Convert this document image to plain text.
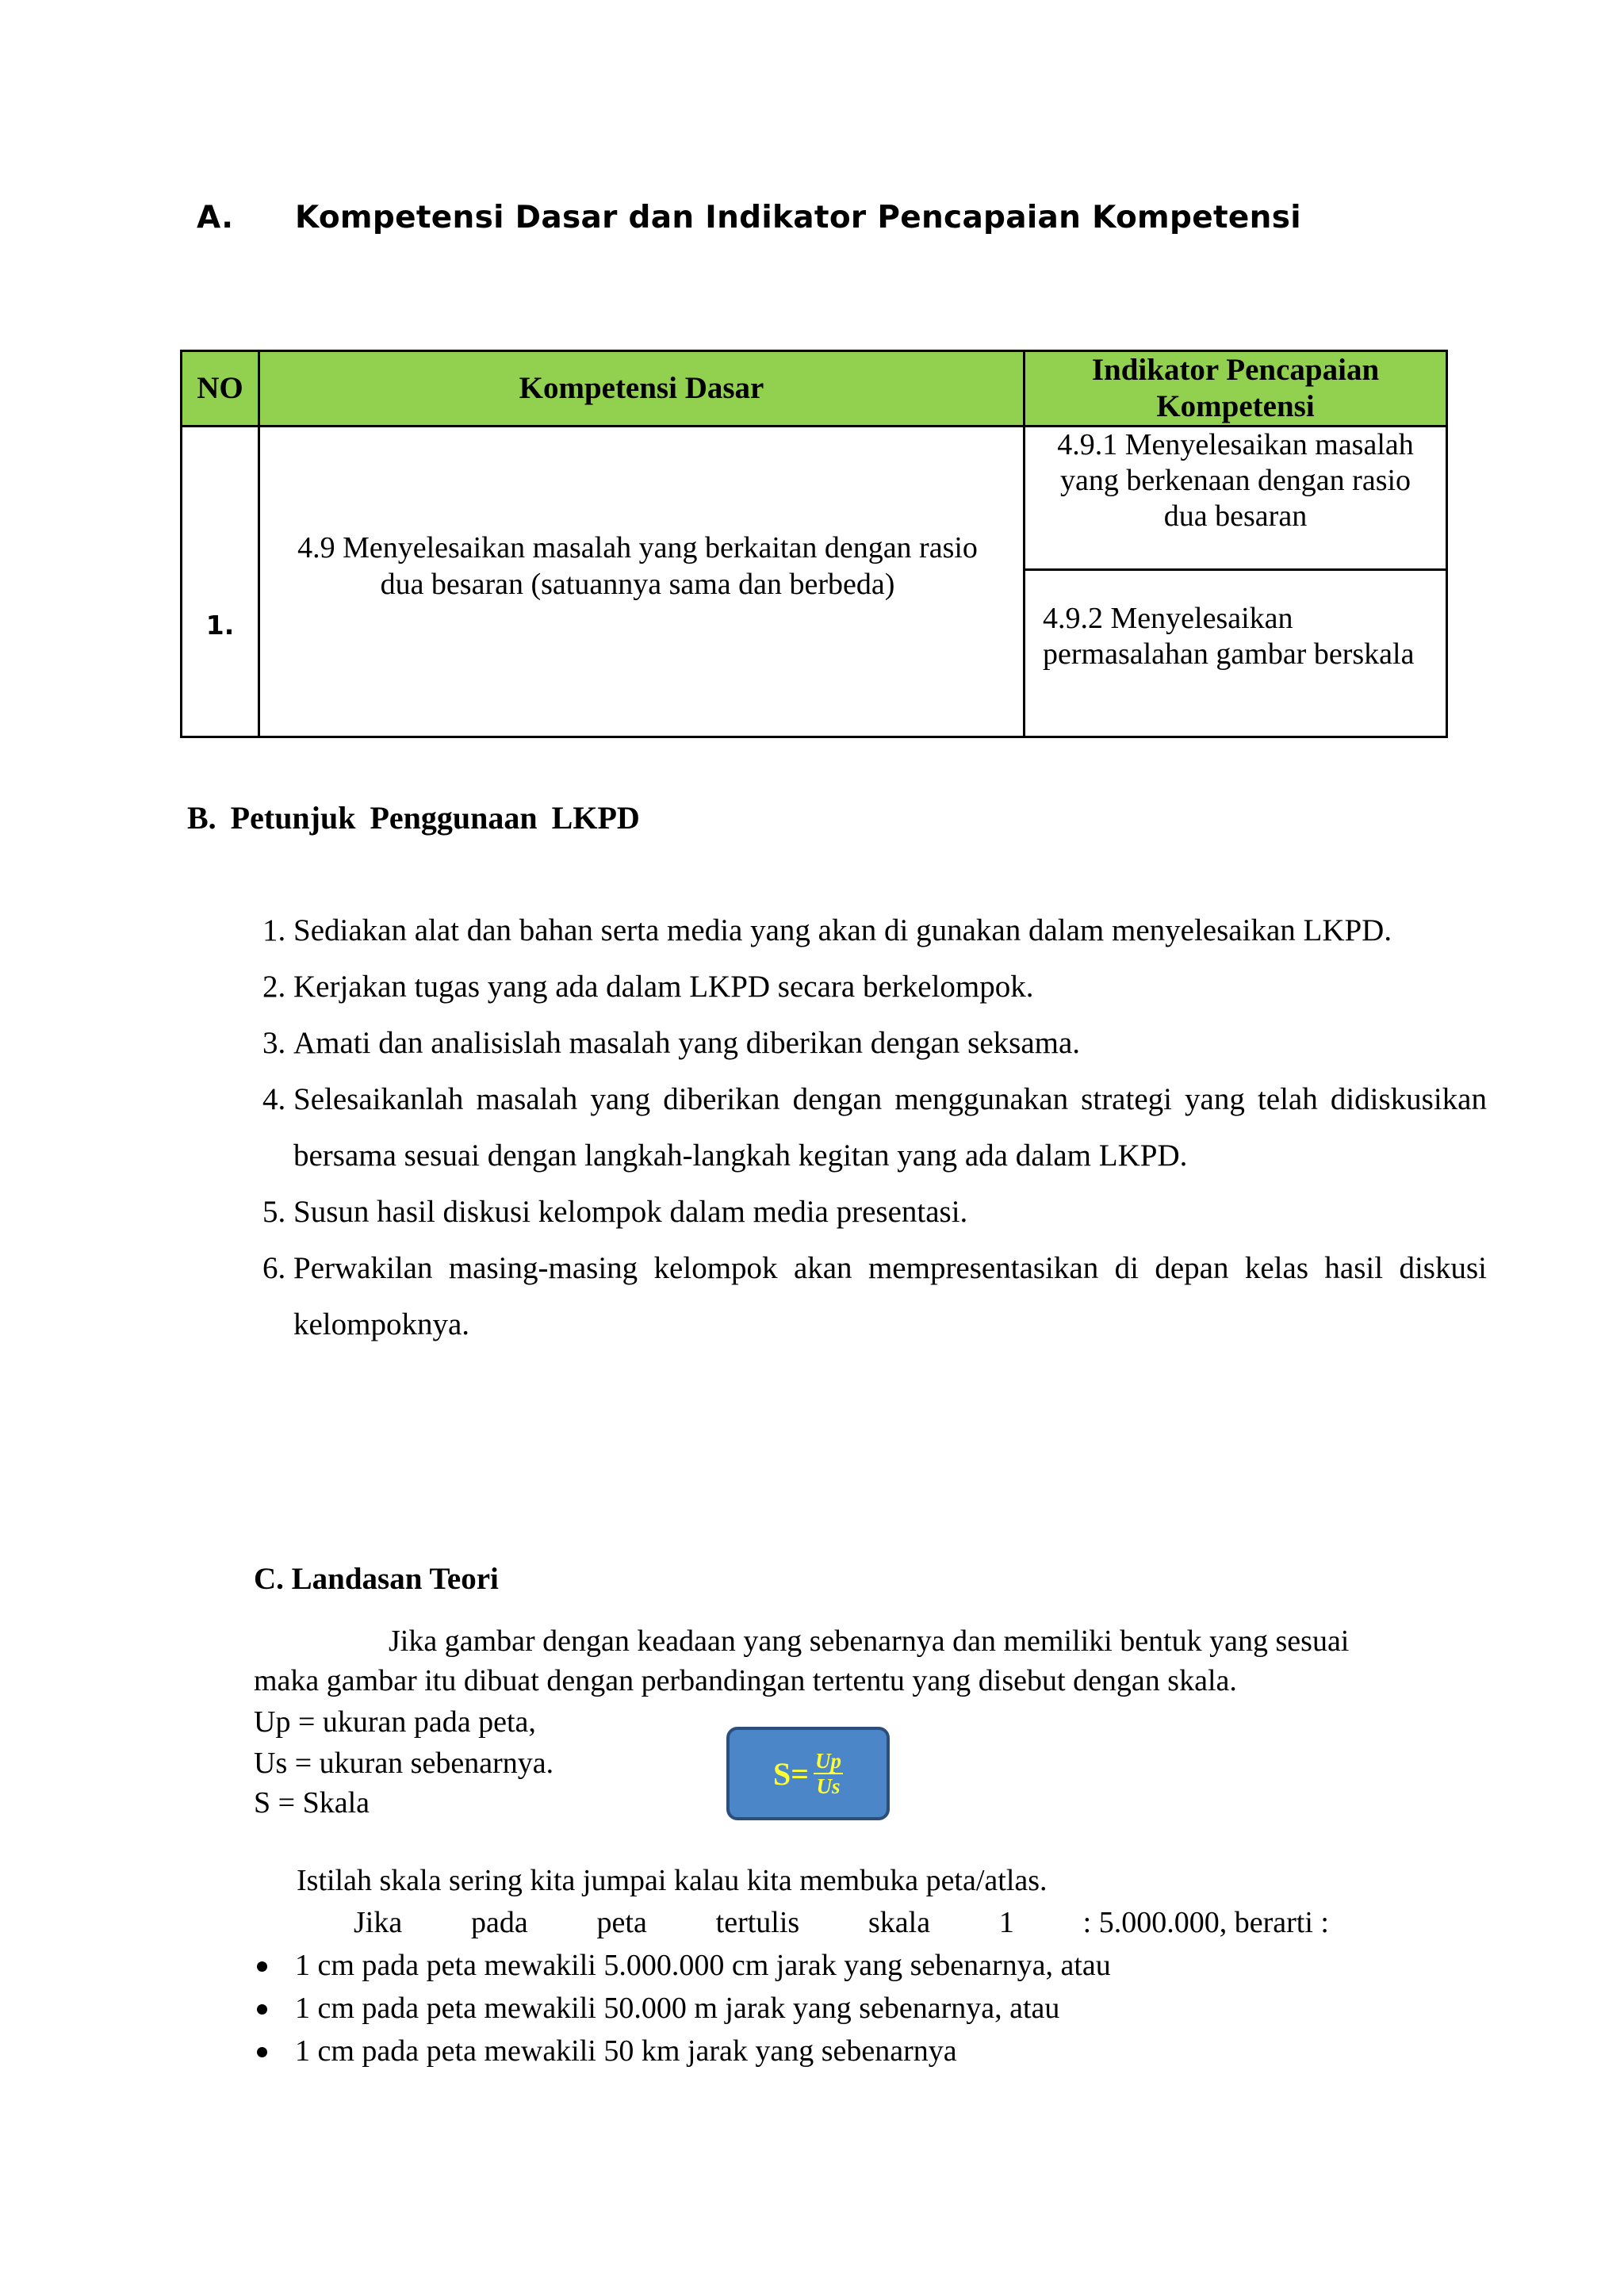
A. Kompetensi Dasar dan Indikator Pencapaian Kompetensi
NO	Kompetensi Dasar	Indikator Pencapaian Kompetensi

1.	4.9 Menyelesaikan masalah yang berkaitan dengan rasio dua besaran (satuannya sama dan berbeda)	4.9.1 Menyelesaikan masalah yang berkenaan dengan rasio dua besaran
		4.9.2 Menyelesaikan permasalahan gambar berskala
B. Petunjuk Penggunaan LKPD
1. Sediakan alat dan bahan serta media yang akan di gunakan dalam menyelesaikan LKPD.
2. Kerjakan tugas yang ada dalam LKPD secara berkelompok.
3. Amati dan analisislah masalah yang diberikan dengan seksama.
4. Selesaikanlah masalah yang diberikan dengan menggunakan strategi yang telah didiskusikan bersama sesuai dengan langkah-langkah kegitan yang ada dalam LKPD.
5. Susun hasil diskusi kelompok dalam media presentasi.
6. Perwakilan masing-masing kelompok akan mempresentasikan di depan kelas hasil diskusi kelompoknya.
C. Landasan Teori
Jika gambar dengan keadaan yang sebenarnya dan memiliki bentuk yang sesuai
maka gambar itu dibuat dengan perbandingan tertentu yang disebut dengan skala.
Up = ukuran pada peta,
Us = ukuran sebenarnya.
S = Skala
$S= \frac{Up}{Us}$
Istilah skala sering kita jumpai kalau kita membuka peta/atlas.
Jika pada peta tertulis skala 1 : 5.000.000, berarti :
1 cm pada peta mewakili 5.000.000 cm jarak yang sebenarnya, atau
1 cm pada peta mewakili 50.000 m jarak yang sebenarnya, atau
1 cm pada peta mewakili 50 km jarak yang sebenarnya
